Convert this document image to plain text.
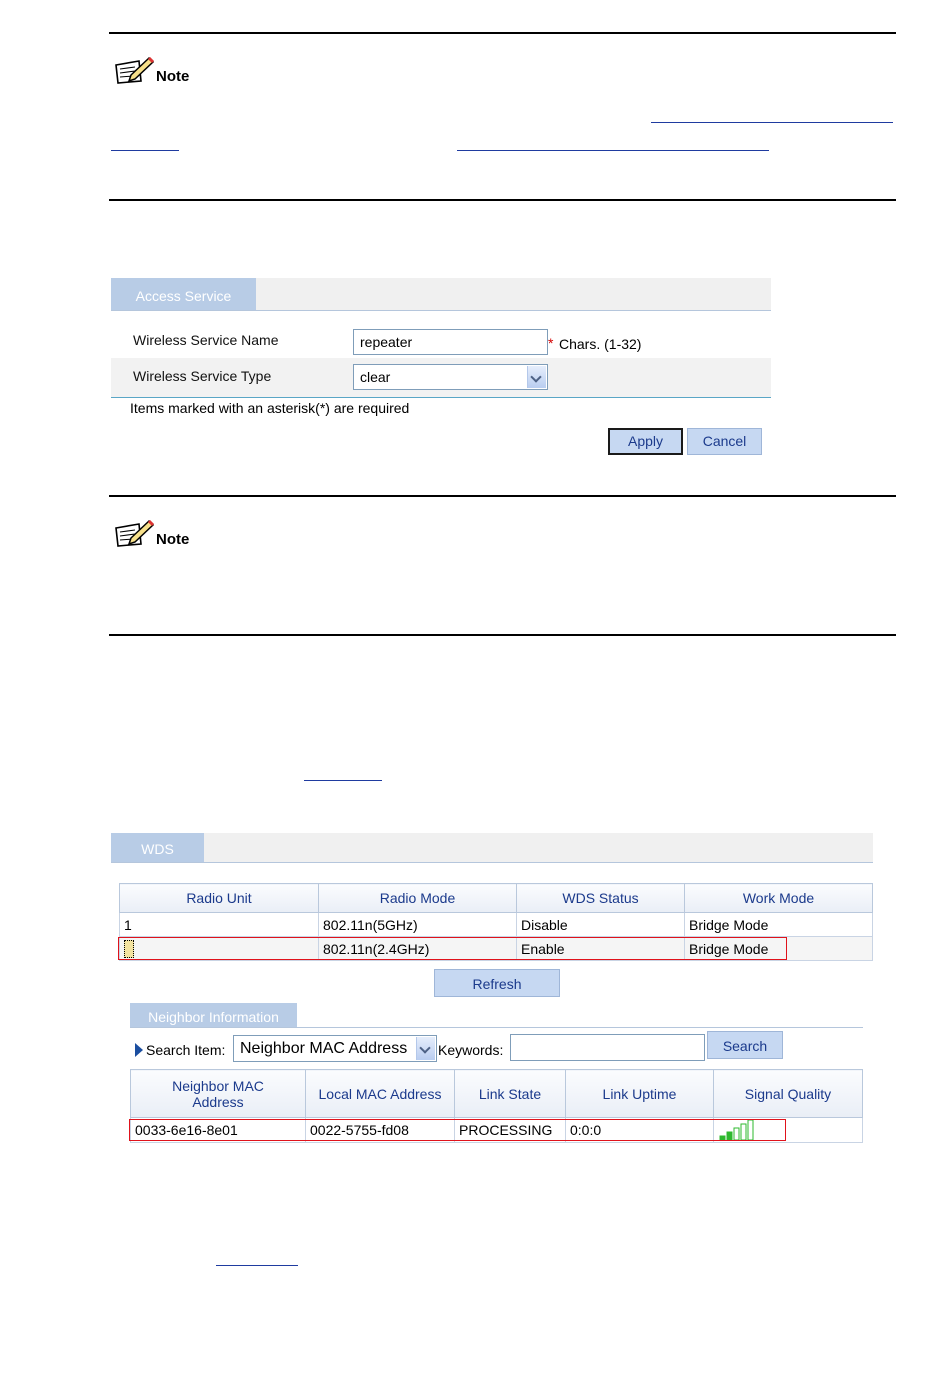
Note
Access Service
Wireless Service Name	repeater	* Chars. (1-32)
Wireless Service Type	clear
Items marked with an asterisk(*) are required
Apply	Cancel
Note
WDS
Radio Unit	Radio Mode	WDS Status	Work Mode
1	802.11n(5GHz)	Disable	Bridge Mode
	802.11n(2.4GHz)	Enable	Bridge Mode
Refresh
Neighbor Information
Search Item: Neighbor MAC Address	Keywords:	Search
Neighbor MAC Address	Local MAC Address	Link State	Link Uptime	Signal Quality
0033-6e16-8e01	0022-5755-fd08	PROCESSING	0:0:0	
